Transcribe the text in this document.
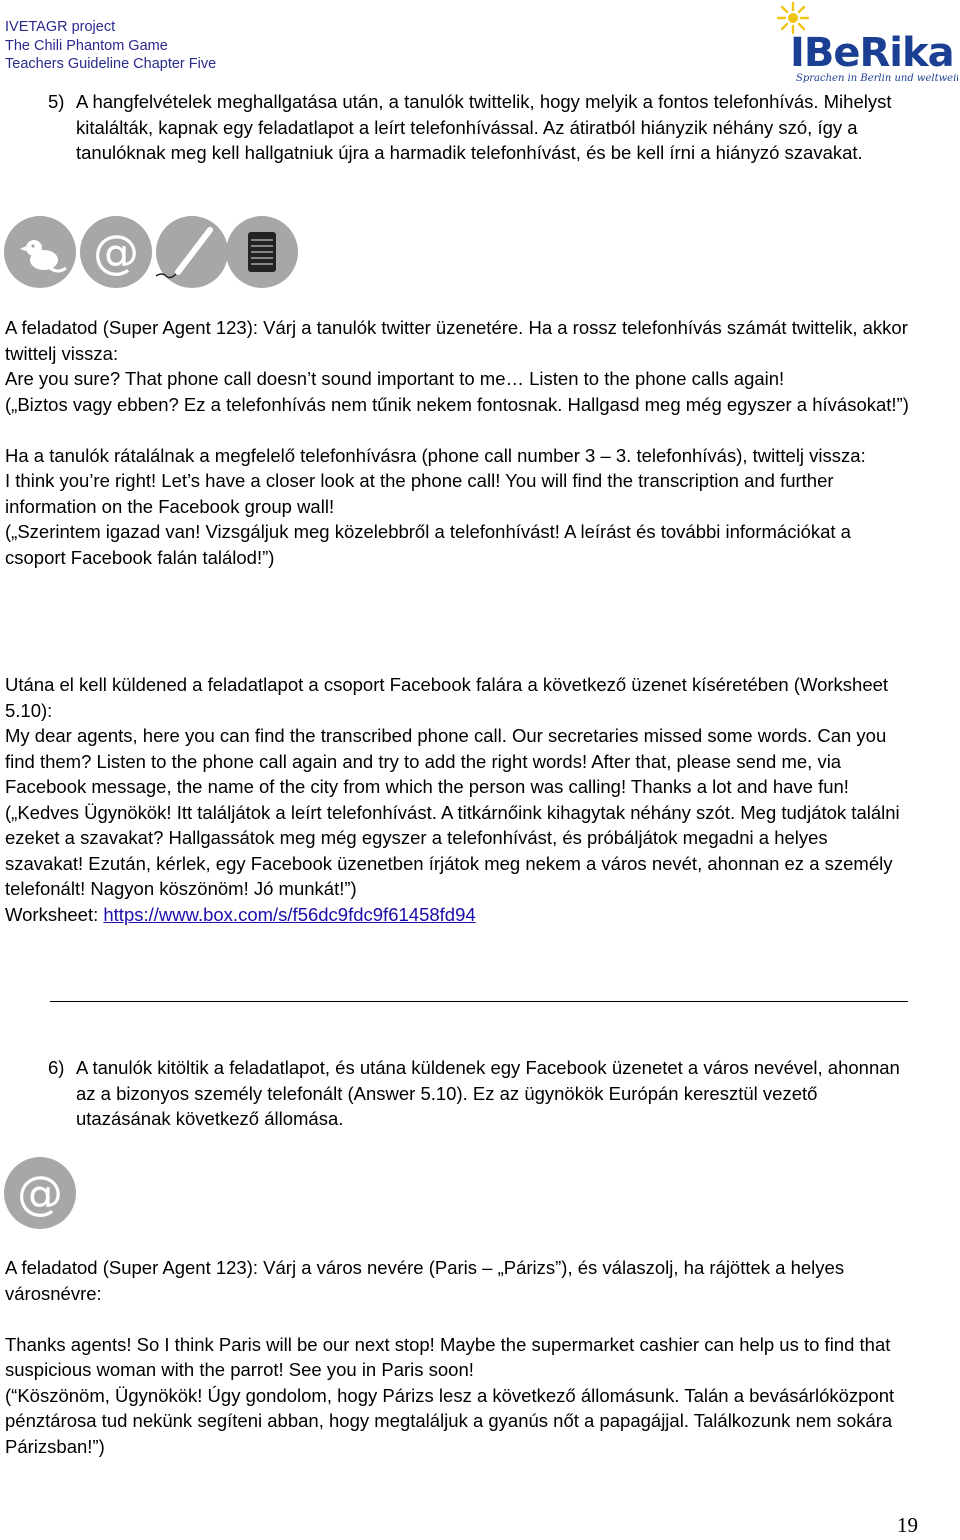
IVETAGR project
The Chili Phantom Game
Teachers Guideline Chapter Five	IBeRika
Sprachen in Berlin und weltweit
5) A hangfelvételek meghallgatása után, a tanulók twittelik, hogy melyik a fontos telefonhívás. Mihelyst kitalálták, kapnak egy feladatlapot a leírt telefonhívással. Az átiratból hiányzik néhány szó, így a tanulóknak meg kell hallgatniuk újra a harmadik telefonhívást, és be kell írni a hiányzó szavakat.
@

A feladatod (Super Agent 123): Várj a tanulók twitter üzenetére. Ha a rossz telefonhívás számát twittelik, akkor twittelj vissza:

Are you sure? That phone call doesn’t sound important to me… Listen to the phone calls again!

(„Biztos vagy ebben? Ez a telefonhívás nem tűnik nekem fontosnak. Hallgasd meg még egyszer a hívásokat!”)

Ha a tanulók rátalálnak a megfelelő telefonhívásra (phone call number 3 – 3. telefonhívás), twittelj vissza:

I think you’re right! Let’s have a closer look at the phone call! You will find the transcription and further information on the Facebook group wall!

(„Szerintem igazad van! Vizsgáljuk meg közelebbről a telefonhívást! A leírást és további információkat a csoport Facebook falán találod!”)

Utána el kell küldened a feladatlapot a csoport Facebook falára a következő üzenet kíséretében (Worksheet 5.10):

My dear agents, here you can find the transcribed phone call. Our secretaries missed some words. Can you find them? Listen to the phone call again and try to add the right words! After that, please send me, via Facebook message, the name of the city from which the person was calling! Thanks a lot and have fun!

(„Kedves Ügynökök! Itt találjátok a leírt telefonhívást. A titkárnőink kihagytak néhány szót. Meg tudjátok találni ezeket a szavakat? Hallgassátok meg még egyszer a telefonhívást, és próbáljátok megadni a helyes szavakat! Ezután, kérlek, egy Facebook üzenetben írjátok meg nekem a város nevét, ahonnan ez a személy telefonált! Nagyon köszönöm! Jó munkát!”)

Worksheet: https://www.box.com/s/f56dc9fdc9f61458fd94

6) A tanulók kitöltik a feladatlapot, és utána küldenek egy Facebook üzenetet a város nevével, ahonnan az a bizonyos személy telefonált (Answer 5.10). Ez az ügynökök Európán keresztül vezető utazásának következő állomása.
@

A feladatod (Super Agent 123): Várj a város nevére (Paris – „Párizs”), és válaszolj, ha rájöttek a helyes városnévre:

Thanks agents! So I think Paris will be our next stop! Maybe the supermarket cashier can help us to find that suspicious woman with the parrot! See you in Paris soon!

(“Köszönöm, Ügynökök! Úgy gondolom, hogy Párizs lesz a következő állomásunk. Talán a bevásárlóközpont pénztárosa tud nekünk segíteni abban, hogy megtaláljuk a gyanús nőt a papagájjal. Találkozunk nem sokára Párizsban!”)

19
